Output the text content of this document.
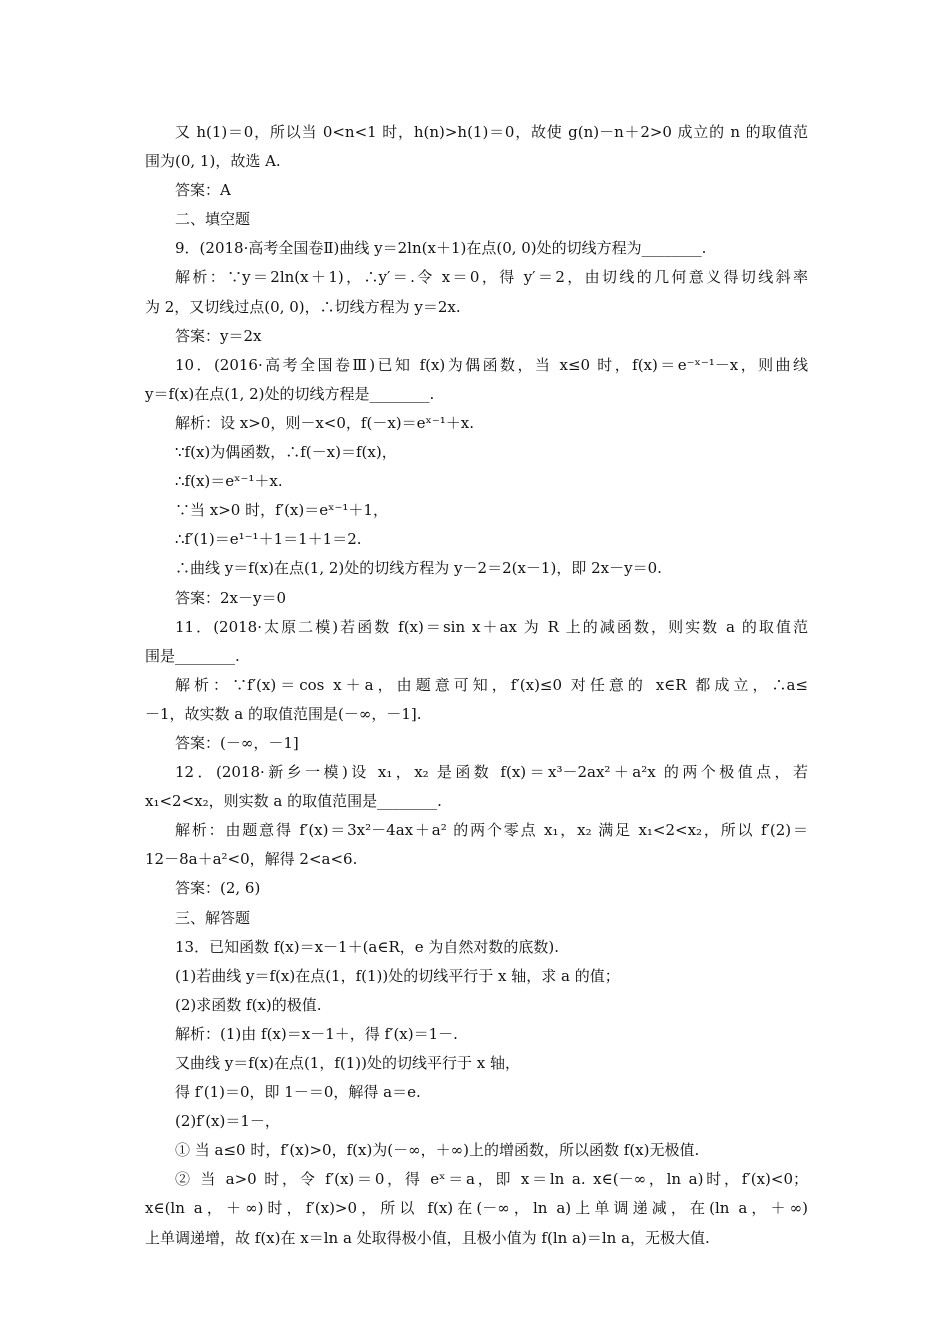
又 h(1)＝0，所以当 0<n<1 时，h(n)>h(1)＝0，故使 g(n)－n＋2>0 成立的 n 的取值范
围为(0, 1)，故选 A.
答案：A
二、填空题
9．(2018·高考全国卷Ⅱ)曲线 y＝2ln(x＋1)在点(0, 0)处的切线方程为________.
解析：∵y＝2ln(x＋1)，∴y′＝.令 x＝0，得 y′＝2，由切线的几何意义得切线斜率
为 2，又切线过点(0, 0)，∴切线方程为 y＝2x.
答案：y＝2x
10．(2016·高考全国卷Ⅲ)已知 f(x)为偶函数，当 x≤0 时，f(x)＝e⁻ˣ⁻¹－x，则曲线
y＝f(x)在点(1, 2)处的切线方程是________.
解析：设 x>0，则－x<0，f(－x)＝eˣ⁻¹＋x.
∵f(x)为偶函数，∴f(－x)＝f(x)，
∴f(x)＝eˣ⁻¹＋x.
∵当 x>0 时，f′(x)＝eˣ⁻¹＋1，
∴f′(1)＝e¹⁻¹＋1＝1＋1＝2.
∴曲线 y＝f(x)在点(1, 2)处的切线方程为 y－2＝2(x－1)，即 2x－y＝0.
答案：2x－y＝0
11．(2018·太原二模)若函数 f(x)＝sin x＋ax 为 R 上的减函数，则实数 a 的取值范
围是________.
解析：∵f′(x)＝cos x＋a，由题意可知，f′(x)≤0 对任意的 x∈R 都成立，∴a≤
－1，故实数 a 的取值范围是(－∞，－1].
答案：(－∞，－1]
12．(2018·新乡一模)设 x₁，x₂ 是函数 f(x)＝x³－2ax²＋a²x 的两个极值点，若
x₁<2<x₂，则实数 a 的取值范围是________.
解析：由题意得 f′(x)＝3x²－4ax＋a² 的两个零点 x₁，x₂ 满足 x₁<2<x₂，所以 f′(2)＝
12－8a＋a²<0，解得 2<a<6.
答案：(2, 6)
三、解答题
13．已知函数 f(x)＝x－1＋(a∈R，e 为自然对数的底数).
(1)若曲线 y＝f(x)在点(1，f(1))处的切线平行于 x 轴，求 a 的值；
(2)求函数 f(x)的极值.
解析：(1)由 f(x)＝x－1＋，得 f′(x)＝1－.
又曲线 y＝f(x)在点(1，f(1))处的切线平行于 x 轴，
得 f′(1)＝0，即 1－＝0，解得 a＝e.
(2)f′(x)＝1－，
① 当 a≤0 时，f′(x)>0，f(x)为(－∞，＋∞)上的增函数，所以函数 f(x)无极值.
② 当 a>0 时，令 f′(x)＝0，得 eˣ＝a，即 x＝ln a. x∈(－∞，ln a)时，f′(x)<0；
x∈(ln a，＋∞)时，f′(x)>0，所以 f(x)在(－∞，ln a)上单调递减，在(ln a，＋∞)
上单调递增，故 f(x)在 x＝ln a 处取得极小值，且极小值为 f(ln a)＝ln a，无极大值.
